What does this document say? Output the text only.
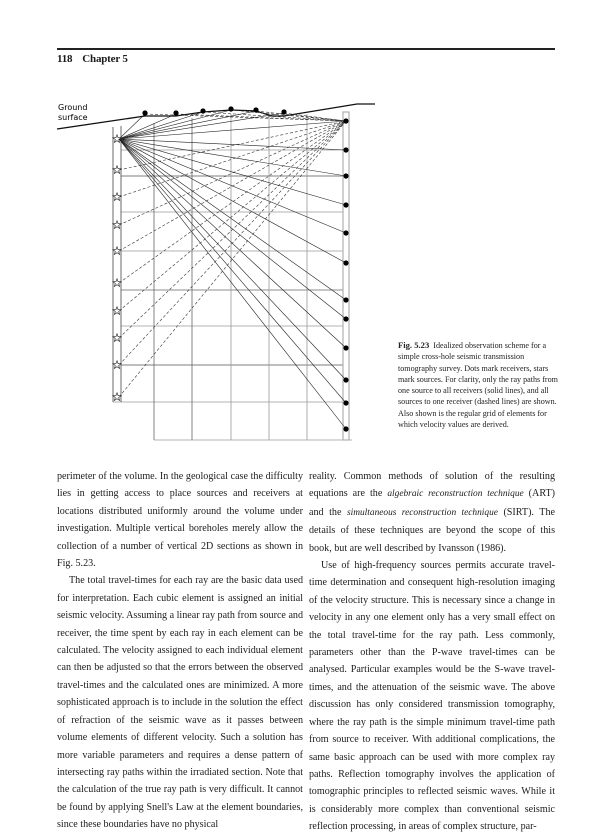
118 Chapter 5
Ground
surface
Fig. 5.23 Idealized observation scheme for a simple cross-hole seismic transmission tomography survey. Dots mark receivers, stars mark sources. For clarity, only the ray paths from one source to all receivers (solid lines), and all sources to one receiver (dashed lines) are shown. Also shown is the regular grid of elements for which velocity values are derived.

perimeter of the volume. In the geological case the difficulty lies in getting access to place sources and receivers at locations distributed uniformly around the volume under investigation. Multiple vertical boreholes merely allow the collection of a number of vertical 2D sections as shown in Fig. 5.23.

The total travel-times for each ray are the basic data used for interpretation. Each cubic element is assigned an initial seismic velocity. Assuming a linear ray path from source and receiver, the time spent by each ray in each element can be calculated. The velocity assigned to each individual element can then be adjusted so that the errors between the observed travel-times and the calculated ones are minimized. A more sophisticated approach is to include in the solution the effect of refraction of the seismic wave as it passes between volume elements of different velocity. Such a solution has more variable parameters and requires a dense pattern of intersecting ray paths within the irradiated section. Note that the calculation of the true ray path is very difficult. It cannot be found by applying Snell's Law at the element boundaries, since these boundaries have no physical

reality. Common methods of solution of the resulting equations are the algebraic reconstruction technique (ART) and the simultaneous reconstruction technique (SIRT). The details of these techniques are beyond the scope of this book, but are well described by Ivansson (1986).

Use of high-frequency sources permits accurate travel-time determination and consequent high-resolution imaging of the velocity structure. This is necessary since a change in velocity in any one element only has a very small effect on the total travel-time for the ray path. Less commonly, parameters other than the P-wave travel-times can be analysed. Particular examples would be the S-wave travel-times, and the attenuation of the seismic wave. The above discussion has only considered transmission tomography, where the ray path is the simple minimum travel-time path from source to receiver. With additional complications, the same basic approach can be used with more complex ray paths. Reflection tomography involves the application of tomographic principles to reflected seismic waves. While it is considerably more complex than conventional seismic reflection processing, in areas of complex structure, par-
